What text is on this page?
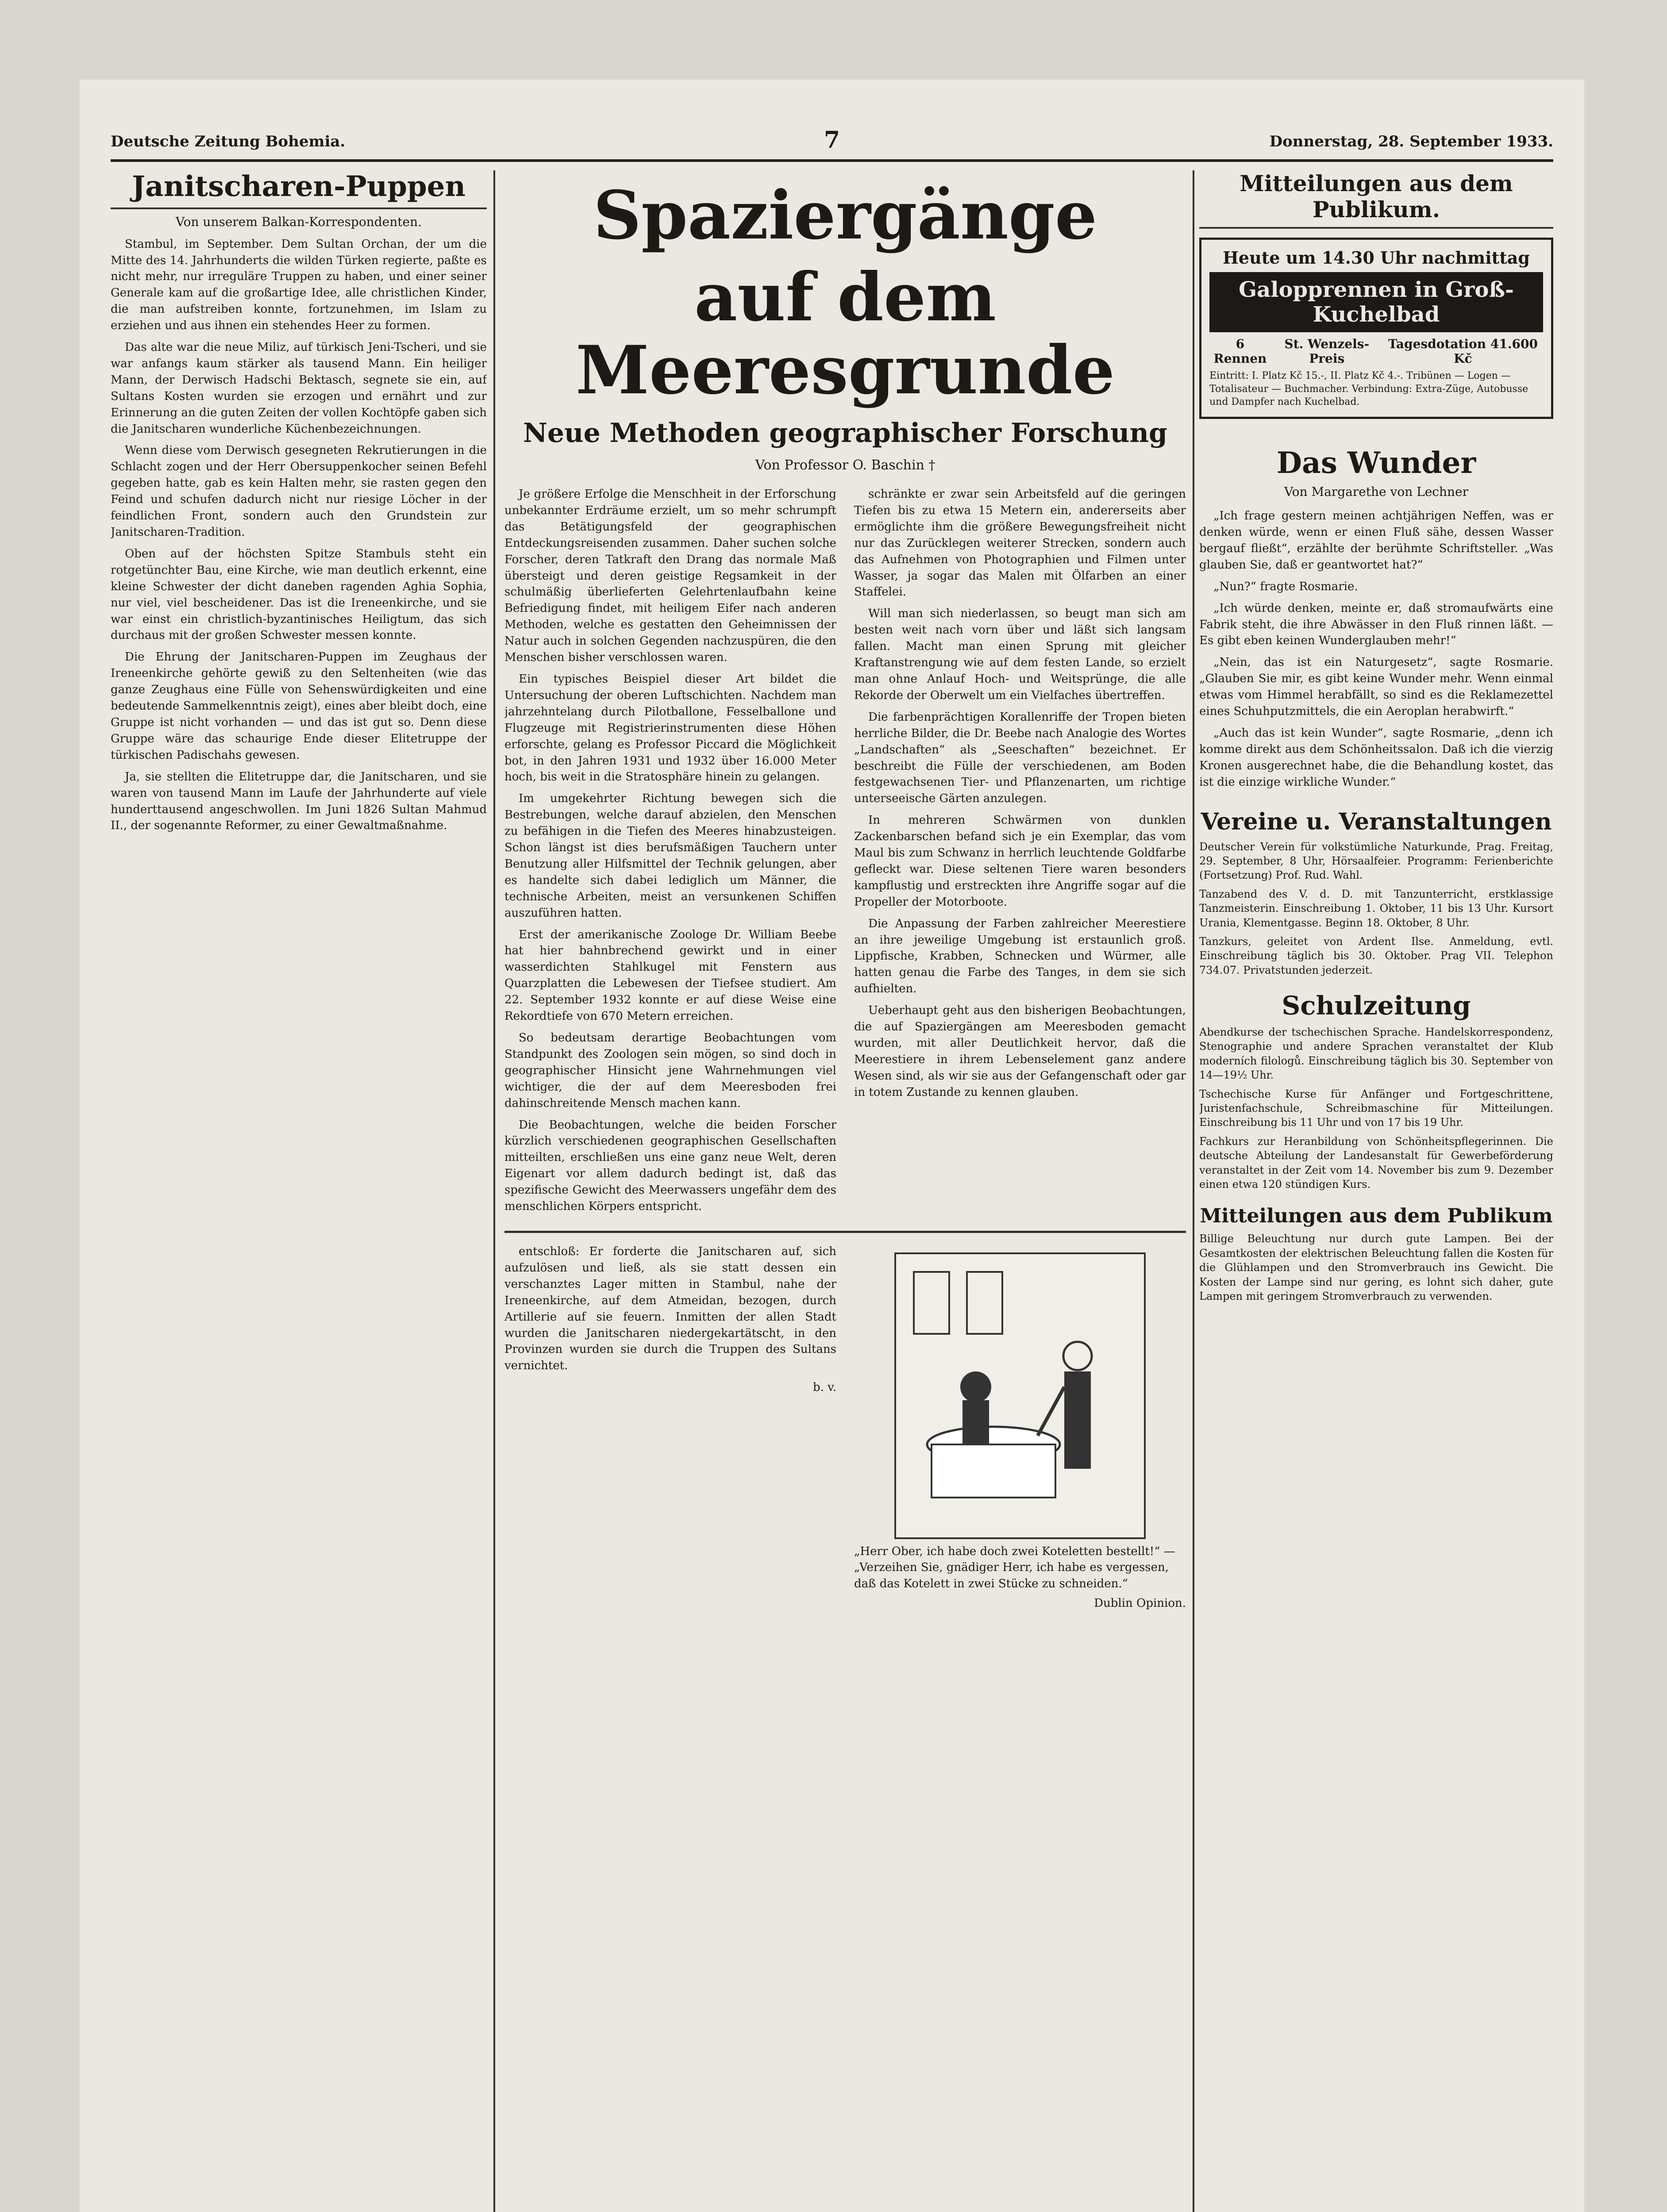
Deutsche Zeitung Bohemia.	7	Donnerstag, 28. September 1933.
Janitscharen-Puppen
Von unserem Balkan-Korrespondenten.

Stambul, im September. Dem Sultan Orchan, der um die Mitte des 14. Jahrhunderts die wilden Türken regierte, paßte es nicht mehr, nur irreguläre Truppen zu haben, und einer seiner Generale kam auf die großartige Idee, alle christlichen Kinder, die man aufstreiben konnte, fortzunehmen, im Islam zu erziehen und aus ihnen ein stehendes Heer zu formen.

Das alte war die neue Miliz, auf türkisch Jeni-Tscheri, und sie war anfangs kaum stärker als tausend Mann. Ein heiliger Mann, der Derwisch Hadschi Bektasch, segnete sie ein, auf Sultans Kosten wurden sie erzogen und ernährt und zur Erinnerung an die guten Zeiten der vollen Kochtöpfe gaben sich die Janitscharen wunderliche Küchenbezeichnungen.

Wenn diese vom Derwisch gesegneten Rekrutierungen in die Schlacht zogen und der Herr Obersuppenkocher seinen Befehl gegeben hatte, gab es kein Halten mehr, sie rasten gegen den Feind und schufen dadurch nicht nur riesige Löcher in der feindlichen Front, sondern auch den Grundstein zur Janitscharen-Tradition.

Oben auf der höchsten Spitze Stambuls steht ein rotgetünchter Bau, eine Kirche, wie man deutlich erkennt, eine kleine Schwester der dicht daneben ragenden Aghia Sophia, nur viel, viel bescheidener. Das ist die Ireneenkirche, und sie war einst ein christlich-byzantinisches Heiligtum, das sich durchaus mit der großen Schwester messen konnte.

Die Ehrung der Janitscharen-Puppen im Zeughaus der Ireneenkirche gehörte gewiß zu den Seltenheiten (wie das ganze Zeughaus eine Fülle von Sehenswürdigkeiten und eine bedeutende Sammelkenntnis zeigt), eines aber bleibt doch, eine Gruppe ist nicht vorhanden — und das ist gut so. Denn diese Gruppe wäre das schaurige Ende dieser Elitetruppe der türkischen Padischahs gewesen.

Ja, sie stellten die Elitetruppe dar, die Janitscharen, und sie waren von tausend Mann im Laufe der Jahrhunderte auf viele hunderttausend angeschwollen. Im Juni 1826 Sultan Mahmud II., der sogenannte Reformer, zu einer Gewaltmaßnahme.

Spaziergänge
auf dem Meeresgrunde
Neue Methoden geographischer Forschung
Von Professor O. Baschin †

Je größere Erfolge die Menschheit in der Erforschung unbekannter Erdräume erzielt, um so mehr schrumpft das Betätigungsfeld der geographischen Entdeckungsreisenden zusammen. Daher suchen solche Forscher, deren Tatkraft den Drang das normale Maß übersteigt und deren geistige Regsamkeit in der schulmäßig überlieferten Gelehrtenlaufbahn keine Befriedigung findet, mit heiligem Eifer nach anderen Methoden, welche es gestatten den Geheimnissen der Natur auch in solchen Gegenden nachzuspüren, die den Menschen bisher verschlossen waren.

Ein typisches Beispiel dieser Art bildet die Untersuchung der oberen Luftschichten. Nachdem man jahrzehntelang durch Pilotballone, Fesselballone und Flugzeuge mit Registrierinstrumenten diese Höhen erforschte, gelang es Professor Piccard die Möglichkeit bot, in den Jahren 1931 und 1932 über 16.000 Meter hoch, bis weit in die Stratosphäre hinein zu gelangen.

Im umgekehrter Richtung bewegen sich die Bestrebungen, welche darauf abzielen, den Menschen zu befähigen in die Tiefen des Meeres hinabzusteigen. Schon längst ist dies berufsmäßigen Tauchern unter Benutzung aller Hilfsmittel der Technik gelungen, aber es handelte sich dabei lediglich um Männer, die technische Arbeiten, meist an versunkenen Schiffen auszuführen hatten.

Erst der amerikanische Zoologe Dr. William Beebe hat hier bahnbrechend gewirkt und in einer wasserdichten Stahlkugel mit Fenstern aus Quarzplatten die Lebewesen der Tiefsee studiert. Am 22. September 1932 konnte er auf diese Weise eine Rekordtiefe von 670 Metern erreichen.

So bedeutsam derartige Beobachtungen vom Standpunkt des Zoologen sein mögen, so sind doch in geographischer Hinsicht jene Wahrnehmungen viel wichtiger, die der auf dem Meeresboden frei dahinschreitende Mensch machen kann.

Die Beobachtungen, welche die beiden Forscher kürzlich verschiedenen geographischen Gesellschaften mitteilten, erschließen uns eine ganz neue Welt, deren Eigenart vor allem dadurch bedingt ist, daß das spezifische Gewicht des Meerwassers ungefähr dem des menschlichen Körpers entspricht.

schränkte er zwar sein Arbeitsfeld auf die geringen Tiefen bis zu etwa 15 Metern ein, andererseits aber ermöglichte ihm die größere Bewegungsfreiheit nicht nur das Zurücklegen weiterer Strecken, sondern auch das Aufnehmen von Photographien und Filmen unter Wasser, ja sogar das Malen mit Ölfarben an einer Staffelei.

Will man sich niederlassen, so beugt man sich am besten weit nach vorn über und läßt sich langsam fallen. Macht man einen Sprung mit gleicher Kraftanstrengung wie auf dem festen Lande, so erzielt man ohne Anlauf Hoch- und Weitsprünge, die alle Rekorde der Oberwelt um ein Vielfaches übertreffen.

Die farbenprächtigen Korallenriffe der Tropen bieten herrliche Bilder, die Dr. Beebe nach Analogie des Wortes „Landschaften“ als „Seeschaften“ bezeichnet. Er beschreibt die Fülle der verschiedenen, am Boden festgewachsenen Tier- und Pflanzenarten, um richtige unterseeische Gärten anzulegen.

In mehreren Schwärmen von dunklen Zackenbarschen befand sich je ein Exemplar, das vom Maul bis zum Schwanz in herrlich leuchtende Goldfarbe gefleckt war. Diese seltenen Tiere waren besonders kampflustig und erstreckten ihre Angriffe sogar auf die Propeller der Motorboote.

Die Anpassung der Farben zahlreicher Meerestiere an ihre jeweilige Umgebung ist erstaunlich groß. Lippfische, Krabben, Schnecken und Würmer, alle hatten genau die Farbe des Tanges, in dem sie sich aufhielten.

Ueberhaupt geht aus den bisherigen Beobachtungen, die auf Spaziergängen am Meeresboden gemacht wurden, mit aller Deutlichkeit hervor, daß die Meerestiere in ihrem Lebenselement ganz andere Wesen sind, als wir sie aus der Gefangenschaft oder gar in totem Zustande zu kennen glauben.

entschloß: Er forderte die Janitscharen auf, sich aufzulösen und ließ, als sie statt dessen ein verschanztes Lager mitten in Stambul, nahe der Ireneenkirche, auf dem Atmeidan, bezogen, durch Artillerie auf sie feuern. Inmitten der allen Stadt wurden die Janitscharen niedergekartätscht, in den Provinzen wurden sie durch die Truppen des Sultans vernichtet.

b. v.

„Herr Ober, ich habe doch zwei Koteletten bestellt!“ — „Verzeihen Sie, gnädiger Herr, ich habe es vergessen, daß das Kotelett in zwei Stücke zu schneiden.“
Dublin Opinion.
Mitteilungen aus dem Publikum.
Heute um 14.30 Uhr nachmittag
Galopprennen in Groß-Kuchelbad
6 Rennen
St. Wenzels-Preis
Tagesdotation 41.600 Kč
Eintritt: I. Platz Kč 15.-, II. Platz Kč 4.-. Tribünen — Logen — Totalisateur — Buchmacher. Verbindung: Extra-Züge, Autobusse und Dampfer nach Kuchelbad.
Das Wunder
Von Margarethe von Lechner

„Ich frage gestern meinen achtjährigen Neffen, was er denken würde, wenn er einen Fluß sähe, dessen Wasser bergauf fließt“, erzählte der berühmte Schriftsteller. „Was glauben Sie, daß er geantwortet hat?“

„Nun?“ fragte Rosmarie.

„Ich würde denken, meinte er, daß stromaufwärts eine Fabrik steht, die ihre Abwässer in den Fluß rinnen läßt. — Es gibt eben keinen Wunderglauben mehr!“

„Nein, das ist ein Naturgesetz“, sagte Rosmarie. „Glauben Sie mir, es gibt keine Wunder mehr. Wenn einmal etwas vom Himmel herabfällt, so sind es die Reklamezettel eines Schuhputzmittels, die ein Aeroplan herabwirft.“

„Auch das ist kein Wunder“, sagte Rosmarie, „denn ich komme direkt aus dem Schönheitssalon. Daß ich die vierzig Kronen ausgerechnet habe, die die Behandlung kostet, das ist die einzige wirkliche Wunder.“

Vereine u. Veranstaltungen

Deutscher Verein für volkstümliche Naturkunde, Prag. Freitag, 29. September, 8 Uhr, Hörsaalfeier. Programm: Ferienberichte (Fortsetzung) Prof. Rud. Wahl.

Tanzabend des V. d. D. mit Tanzunterricht, erstklassige Tanzmeisterin. Einschreibung 1. Oktober, 11 bis 13 Uhr. Kursort Urania, Klementgasse. Beginn 18. Oktober, 8 Uhr.

Tanzkurs, geleitet von Ardent Ilse. Anmeldung, evtl. Einschreibung täglich bis 30. Oktober. Prag VII. Telephon 734.07. Privatstunden jederzeit.

Schulzeitung

Abendkurse der tschechischen Sprache. Handelskorrespondenz, Stenographie und andere Sprachen veranstaltet der Klub moderních filologů. Einschreibung täglich bis 30. September von 14—19½ Uhr.

Tschechische Kurse für Anfänger und Fortgeschrittene, Juristenfachschule, Schreibmaschine für Mitteilungen. Einschreibung bis 11 Uhr und von 17 bis 19 Uhr.

Fachkurs zur Heranbildung von Schönheitspflegerinnen. Die deutsche Abteilung der Landesanstalt für Gewerbeförderung veranstaltet in der Zeit vom 14. November bis zum 9. Dezember einen etwa 120 stündigen Kurs.

Mitteilungen aus dem Publikum

Billige Beleuchtung nur durch gute Lampen. Bei der Gesamtkosten der elektrischen Beleuchtung fallen die Kosten für die Glühlampen und den Stromverbrauch ins Gewicht. Die Kosten der Lampe sind nur gering, es lohnt sich daher, gute Lampen mit geringem Stromverbrauch zu verwenden.
